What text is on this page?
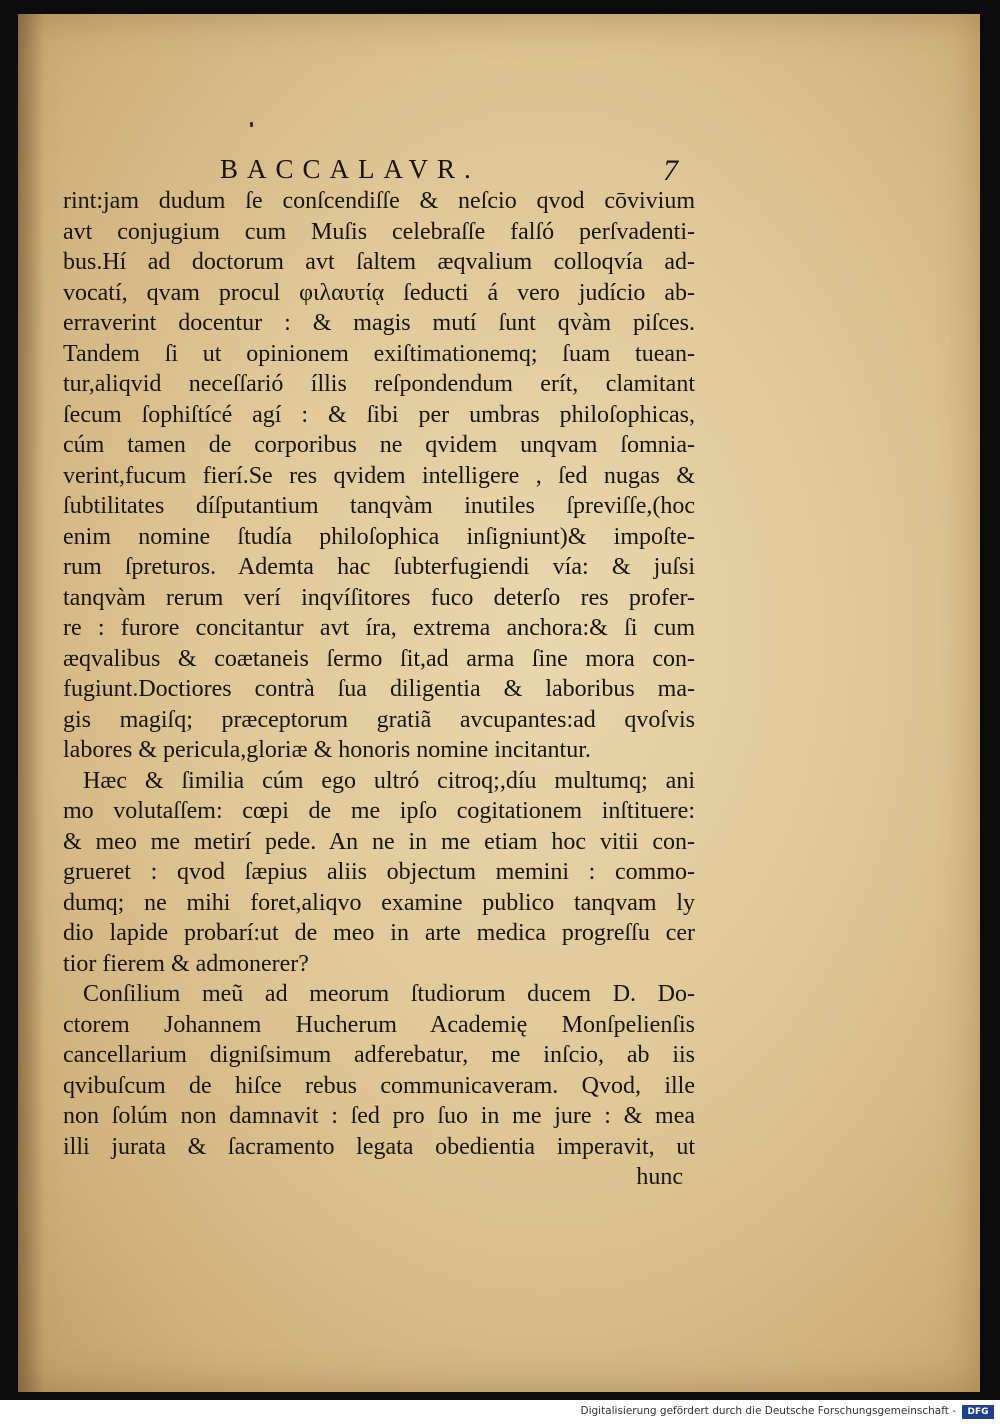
BACCALAVR.	7
rint:jam dudum ſe conſcendiſſe & neſcio qvod cōvivium
avt conjugium cum Muſis celebraſſe falſó perſvadenti-
bus.Hí ad doctorum avt ſaltem æqvalium colloqvía ad-
vocatí, qvam procul φιλαυτίᾳ ſeducti á vero judício ab-
erraverint docentur : & magis mutí ſunt qvàm piſces.
Tandem ſi ut opinionem exiſtimationemq; ſuam tuean-
tur,aliqvid neceſſarió íllis reſpondendum erít, clamitant
ſecum ſophiſtícé agí : & ſibi per umbras philoſophicas,
cúm tamen de corporibus ne qvidem unqvam ſomnia-
verint,fucum fierí.Se res qvidem intelligere , ſed nugas &
ſubtilitates díſputantium tanqvàm inutiles ſpreviſſe,(hoc
enim nomine ſtudía philoſophica inſigniunt)& impoſte-
rum ſpreturos. Ademta hac ſubterfugiendi vía: & juſsi
tanqvàm rerum verí inqvíſitores fuco deterſo res profer-
re : furore concitantur avt íra, extrema anchora:& ſi cum
æqvalibus & coætaneis ſermo ſit,ad arma ſine mora con-
fugiunt.Doctiores contrà ſua diligentia & laboribus ma-
gis magiſq; præceptorum gratiã avcupantes:ad qvoſvis
labores & pericula,gloriæ & honoris nomine incitantur.
Hæc & ſimilia cúm ego ultró citroq;,díu multumq; ani
mo volutaſſem: cœpi de me ipſo cogitationem inſtituere:
& meo me metirí pede. An ne in me etiam hoc vitii con-
grueret : qvod ſæpius aliis objectum memini : commo-
dumq; ne mihi foret,aliqvo examine publico tanqvam ly
dio lapide probarí:ut de meo in arte medica progreſſu cer
tior fierem & admonerer?
Conſilium meũ ad meorum ſtudiorum ducem D. Do-
ctorem Johannem Hucherum Academię Monſpelienſis
cancellarium digniſsimum adferebatur, me inſcio, ab iis
qvibuſcum de hiſce rebus communicaveram. Qvod, ille
non ſolúm non damnavit : ſed pro ſuo in me jure : & mea
illi jurata & ſacramento legata obedientia imperavit, ut
hunc
Digitalisierung gefördert durch die Deutsche Forschungsgemeinschaft -	DFG
